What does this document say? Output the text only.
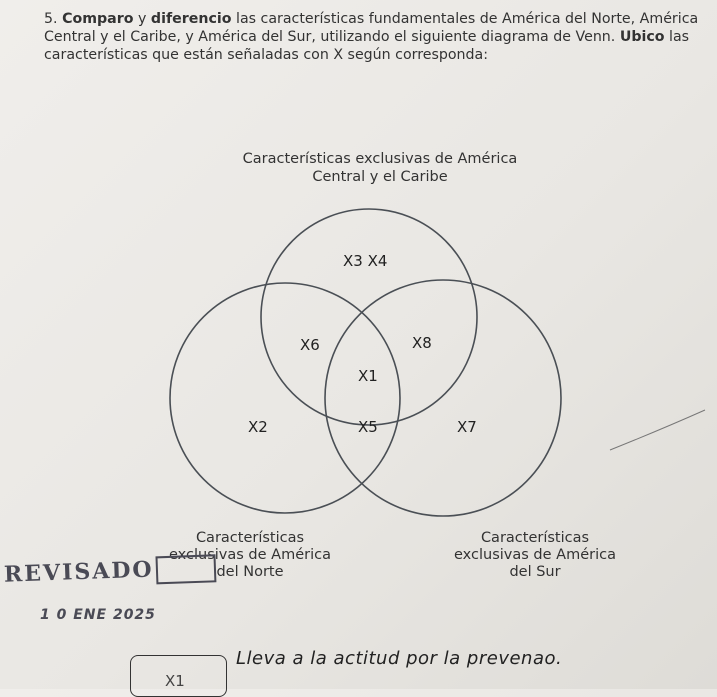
5. Comparo y diferencio las características fundamentales de América del Norte, América Central y el Caribe, y América del Sur, utilizando el siguiente diagrama de Venn. Ubico las características que están señaladas con X según corresponda:
Características exclusivas de América
Central y el Caribe
X3 X4
X6	X8
X1
X2	X5	X7
Características
exclusivas de América
del Norte
Características
exclusivas de América
del Sur
REVISADO
1 0 ENE 2025
X1
Lleva a la actitud por la prevenao.
